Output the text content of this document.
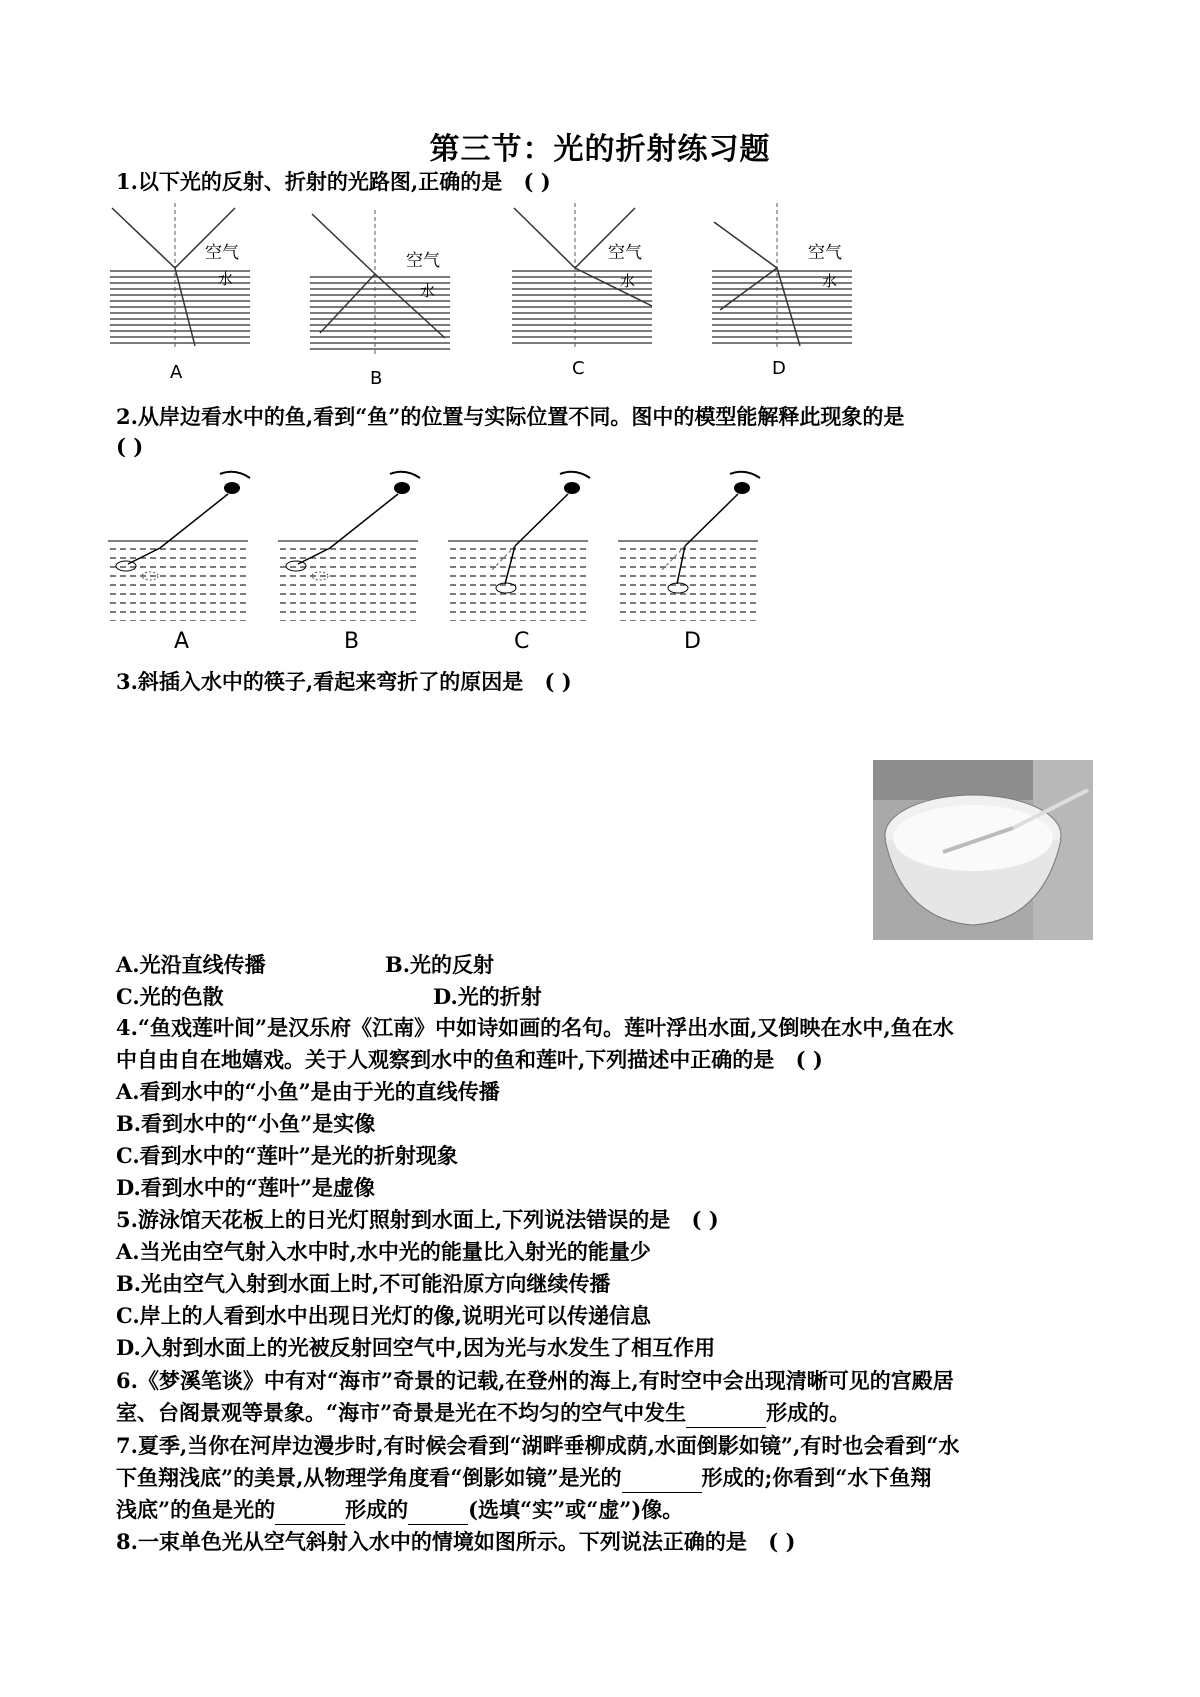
第三节：光的折射练习题
1.以下光的反射、折射的光路图,正确的是 ( )
空气
水
A
空气
水
B
空气
水
C
空气
水
D
2.从岸边看水中的鱼,看到“鱼”的位置与实际位置不同。图中的模型能解释此现象的是
( )
A	B	C	D
3.斜插入水中的筷子,看起来弯折了的原因是 ( )
A.光沿直线传播	B.光的反射
C.光的色散	D.光的折射
4.“鱼戏莲叶间”是汉乐府《江南》中如诗如画的名句。莲叶浮出水面,又倒映在水中,鱼在水
中自由自在地嬉戏。关于人观察到水中的鱼和莲叶,下列描述中正确的是 ( )
A.看到水中的“小鱼”是由于光的直线传播
B.看到水中的“小鱼”是实像
C.看到水中的“莲叶”是光的折射现象
D.看到水中的“莲叶”是虚像
5.游泳馆天花板上的日光灯照射到水面上,下列说法错误的是 ( )
A.当光由空气射入水中时,水中光的能量比入射光的能量少
B.光由空气入射到水面上时,不可能沿原方向继续传播
C.岸上的人看到水中出现日光灯的像,说明光可以传递信息
D.入射到水面上的光被反射回空气中,因为光与水发生了相互作用
6.《梦溪笔谈》中有对“海市”奇景的记载,在登州的海上,有时空中会出现清晰可见的宫殿居
室、台阁景观等景象。“海市”奇景是光在不均匀的空气中发生	形成的。
7.夏季,当你在河岸边漫步时,有时候会看到“湖畔垂柳成荫,水面倒影如镜”,有时也会看到“水
下鱼翔浅底”的美景,从物理学角度看“倒影如镜”是光的	形成的;你看到“水下鱼翔
浅底”的鱼是光的	形成的	(选填“实”或“虚”)像。
8.一束单色光从空气斜射入水中的情境如图所示。下列说法正确的是 ( )
